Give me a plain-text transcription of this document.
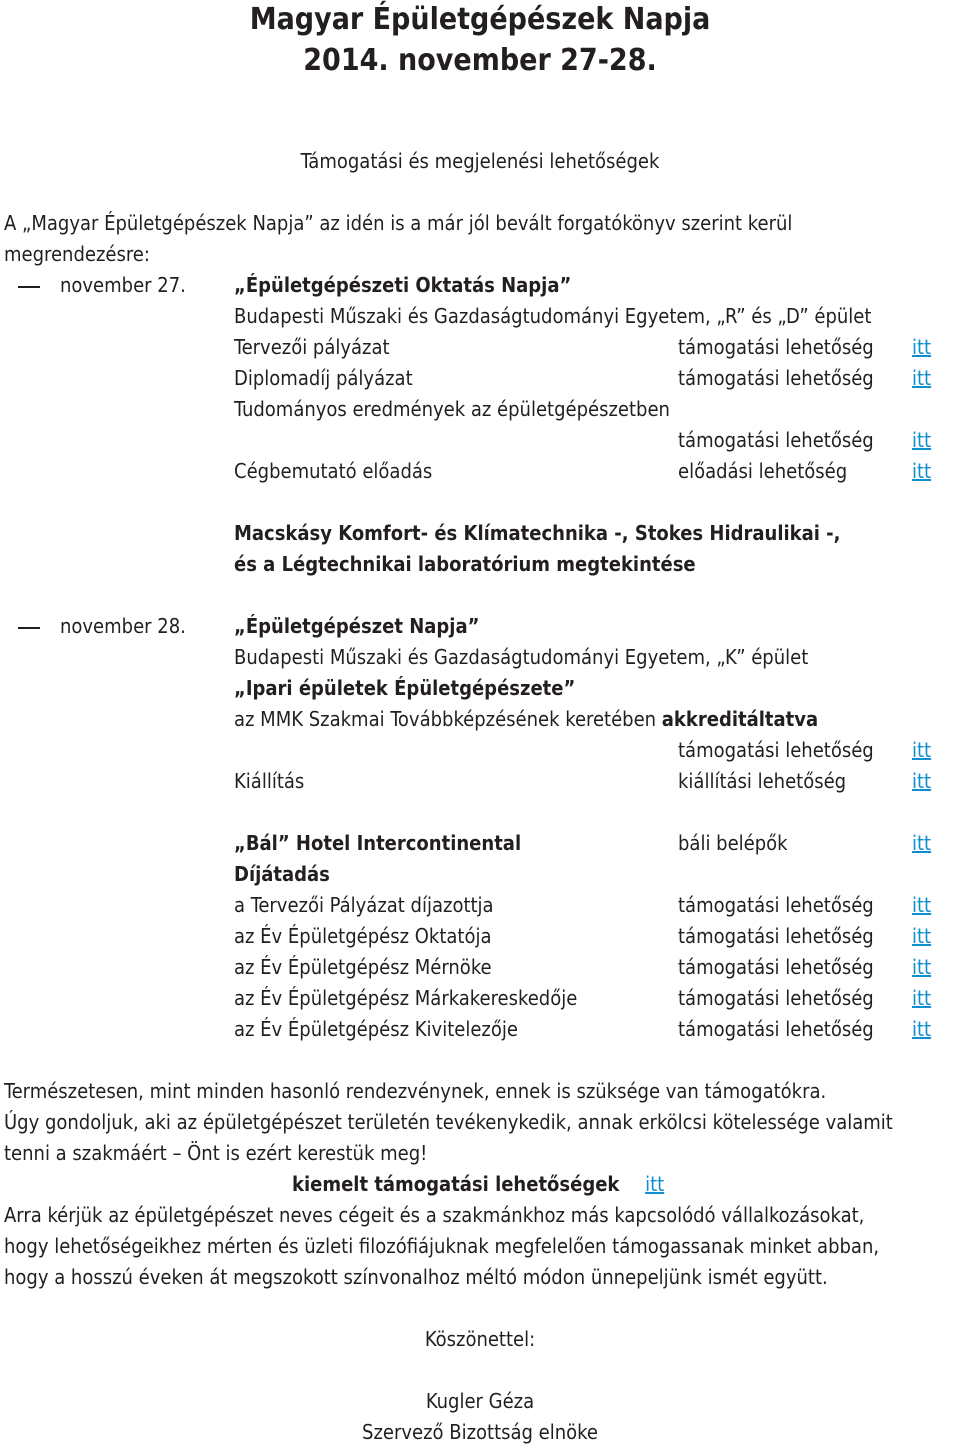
Magyar Épületgépészek Napja
2014. november 27-28.
Támogatási és megjelenési lehetőségek
A „Magyar Épületgépészek Napja” az idén is a már jól bevált forgatókönyv szerint kerül
megrendezésre:
november 27. „Épületgépészeti Oktatás Napja”
Budapesti Műszaki és Gazdaságtudományi Egyetem, „R” és „D” épület
Tervezői pályázat	támogatási lehetőség itt
Diplomadíj pályázat	támogatási lehetőség itt
Tudományos eredmények az épületgépészetben
támogatási lehetőség itt
Cégbemutató előadás	előadási lehetőség	itt
Macskásy Komfort- és Klímatechnika -, Stokes Hidraulikai -,
és a Légtechnikai laboratórium megtekintése
november 28. „Épületgépészet Napja”
Budapesti Műszaki és Gazdaságtudományi Egyetem, „K” épület
„Ipari épületek Épületgépészete”
az MMK Szakmai Továbbképzésének keretében akkreditáltatva
támogatási lehetőség itt
Kiállítás	kiállítási lehetőség	itt
„Bál” Hotel Intercontinental	báli belépők	itt
Díjátadás
a Tervezői Pályázat díjazottja	támogatási lehetőség itt
az Év Épületgépész Oktatója	támogatási lehetőség itt
az Év Épületgépész Mérnöke	támogatási lehetőség itt
az Év Épületgépész Márkakereskedője	támogatási lehetőség itt
az Év Épületgépész Kivitelezője	támogatási lehetőség itt
Természetesen, mint minden hasonló rendezvénynek, ennek is szüksége van támogatókra.
Úgy gondoljuk, aki az épületgépészet területén tevékenykedik, annak erkölcsi kötelessége valamit
tenni a szakmáért – Önt is ezért kerestük meg!
kiemelt támogatási lehetőségek itt
Arra kérjük az épületgépészet neves cégeit és a szakmánkhoz más kapcsolódó vállalkozásokat,
hogy lehetőségeikhez mérten és üzleti filozófiájuknak megfelelően támogassanak minket abban,
hogy a hosszú éveken át megszokott színvonalhoz méltó módon ünnepeljünk ismét együtt.
Köszönettel:
Kugler Géza
Szervező Bizottság elnöke
